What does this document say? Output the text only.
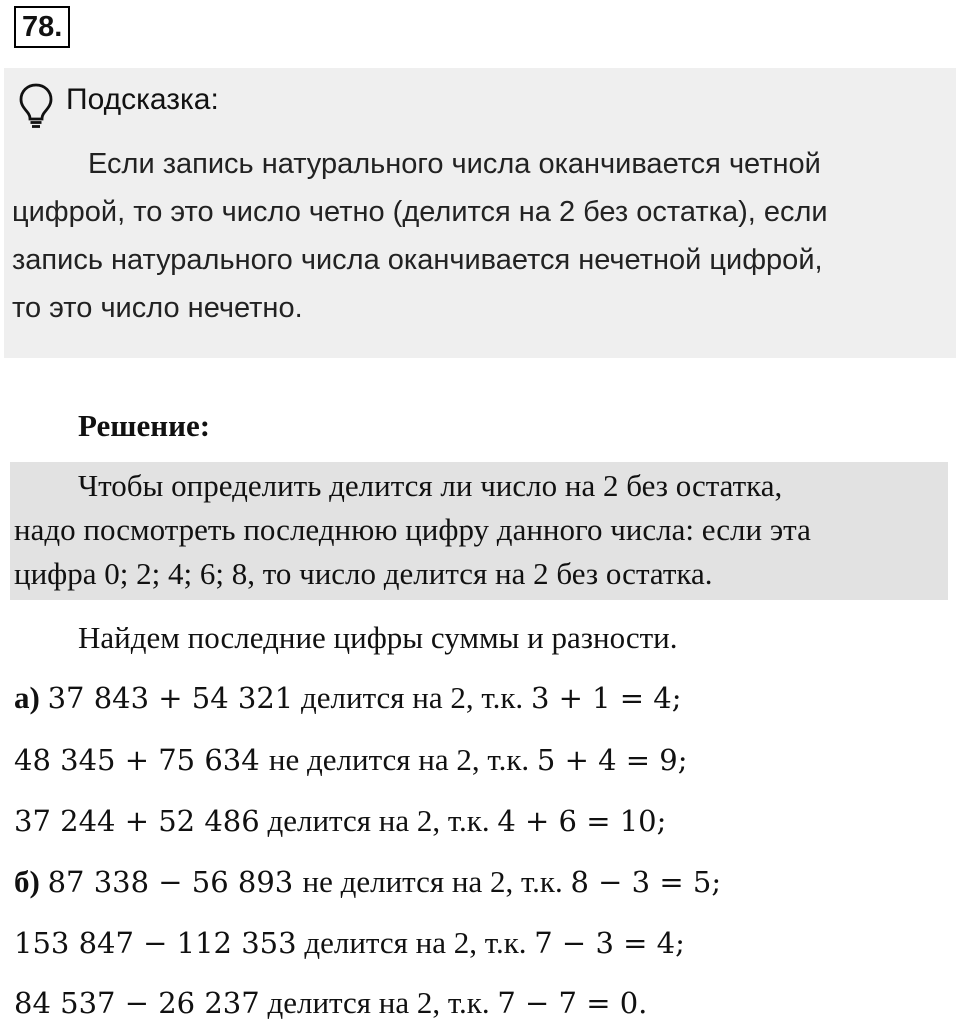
78.
Подсказка:
Если запись натурального числа оканчивается четной
цифрой, то это число четно (делится на 2 без остатка), если
запись натурального числа оканчивается нечетной цифрой,
то это число нечетно.
Решение:
Чтобы определить делится ли число на 2 без остатка,
надо посмотреть последнюю цифру данного числа: если эта
цифра 0; 2; 4; 6; 8, то число делится на 2 без остатка.
Найдем последние цифры суммы и разности.
а) 37 843 + 54 321 делится на 2, т.к. 3 + 1 = 4;
48 345 + 75 634 не делится на 2, т.к. 5 + 4 = 9;
37 244 + 52 486 делится на 2, т.к. 4 + 6 = 10;
б) 87 338 − 56 893 не делится на 2, т.к. 8 − 3 = 5;
153 847 − 112 353 делится на 2, т.к. 7 − 3 = 4;
84 537 − 26 237 делится на 2, т.к. 7 − 7 = 0.
